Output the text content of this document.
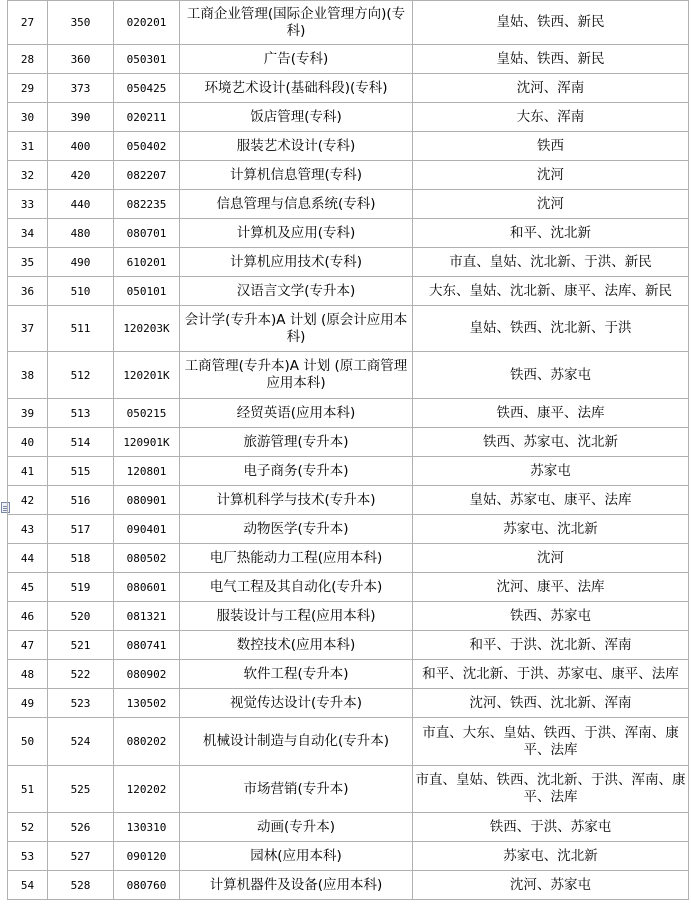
27	350	020201	工商企业管理(国际企业管理方向)(专科)	皇姑、铁西、新民
28	360	050301	广告(专科)	皇姑、铁西、新民
29	373	050425	环境艺术设计(基础科段)(专科)	沈河、浑南
30	390	020211	饭店管理(专科)	大东、浑南
31	400	050402	服装艺术设计(专科)	铁西
32	420	082207	计算机信息管理(专科)	沈河
33	440	082235	信息管理与信息系统(专科)	沈河
34	480	080701	计算机及应用(专科)	和平、沈北新
35	490	610201	计算机应用技术(专科)	市直、皇姑、沈北新、于洪、新民
36	510	050101	汉语言文学(专升本)	大东、皇姑、沈北新、康平、法库、新民
37	511	120203K	会计学(专升本)A 计划 (原会计应用本科)	皇姑、铁西、沈北新、于洪
38	512	120201K	工商管理(专升本)A 计划 (原工商管理应用本科)	铁西、苏家屯
39	513	050215	经贸英语(应用本科)	铁西、康平、法库
40	514	120901K	旅游管理(专升本)	铁西、苏家屯、沈北新
41	515	120801	电子商务(专升本)	苏家屯
42	516	080901	计算机科学与技术(专升本)	皇姑、苏家屯、康平、法库
43	517	090401	动物医学(专升本)	苏家屯、沈北新
44	518	080502	电厂热能动力工程(应用本科)	沈河
45	519	080601	电气工程及其自动化(专升本)	沈河、康平、法库
46	520	081321	服装设计与工程(应用本科)	铁西、苏家屯
47	521	080741	数控技术(应用本科)	和平、于洪、沈北新、浑南
48	522	080902	软件工程(专升本)	和平、沈北新、于洪、苏家屯、康平、法库
49	523	130502	视觉传达设计(专升本)	沈河、铁西、沈北新、浑南
50	524	080202	机械设计制造与自动化(专升本)	市直、大东、皇姑、铁西、于洪、浑南、康平、法库
51	525	120202	市场营销(专升本)	市直、皇姑、铁西、沈北新、于洪、浑南、康平、法库
52	526	130310	动画(专升本)	铁西、于洪、苏家屯
53	527	090120	园林(应用本科)	苏家屯、沈北新
54	528	080760	计算机器件及设备(应用本科)	沈河、苏家屯
